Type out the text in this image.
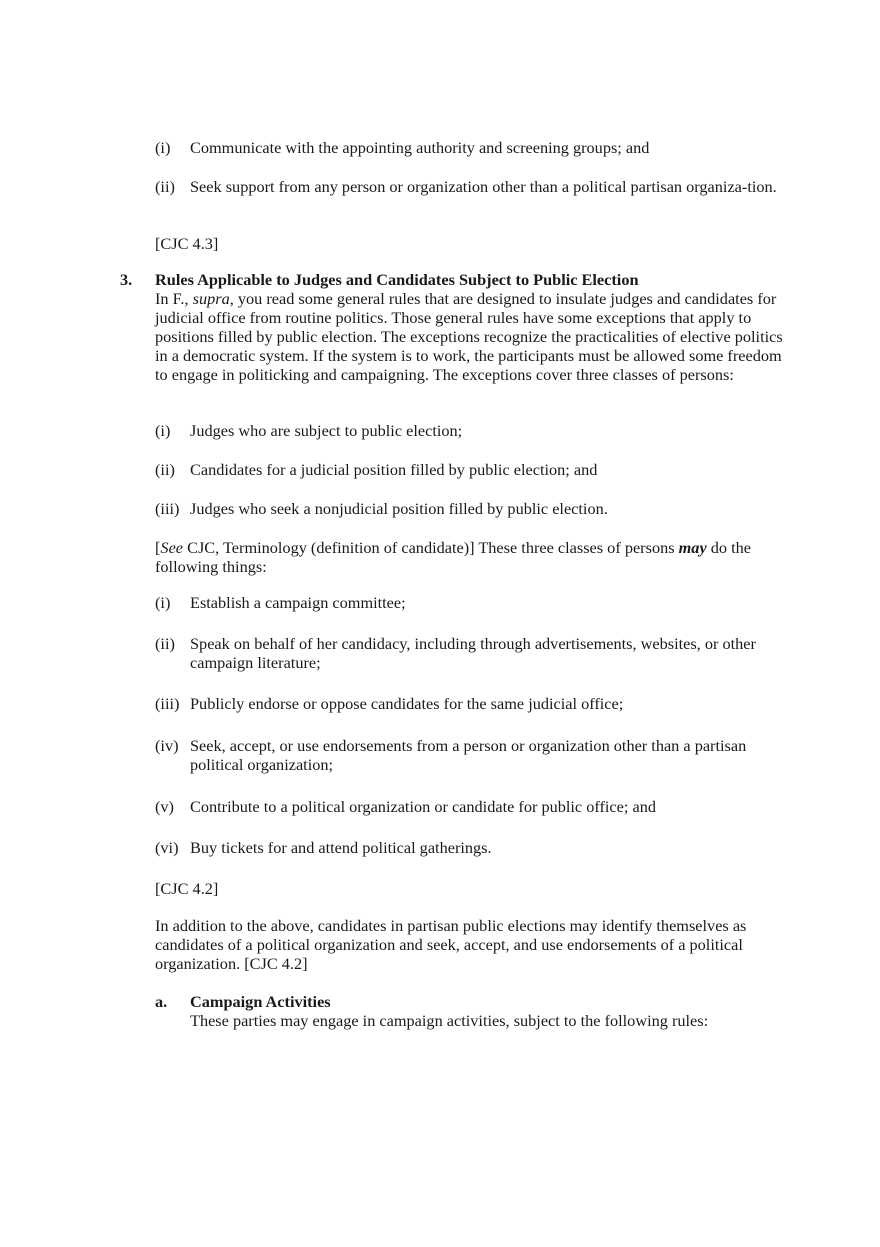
(i) Communicate with the appointing authority and screening groups; and
(ii) Seek support from any person or organization other than a political partisan organiza-tion.
[CJC 4.3]
3. Rules Applicable to Judges and Candidates Subject to Public Election
In F., supra, you read some general rules that are designed to insulate judges and candidates for judicial office from routine politics. Those general rules have some exceptions that apply to positions filled by public election. The exceptions recognize the practicalities of elective politics in a democratic system. If the system is to work, the participants must be allowed some freedom to engage in politicking and campaigning. The exceptions cover three classes of persons:
(i) Judges who are subject to public election;
(ii) Candidates for a judicial position filled by public election; and
(iii) Judges who seek a nonjudicial position filled by public election.
[See CJC, Terminology (definition of candidate)] These three classes of persons may do the following things:
(i) Establish a campaign committee;
(ii) Speak on behalf of her candidacy, including through advertisements, websites, or other campaign literature;
(iii) Publicly endorse or oppose candidates for the same judicial office;
(iv) Seek, accept, or use endorsements from a person or organization other than a partisan political organization;
(v) Contribute to a political organization or candidate for public office; and
(vi) Buy tickets for and attend political gatherings.
[CJC 4.2]
In addition to the above, candidates in partisan public elections may identify themselves as candidates of a political organization and seek, accept, and use endorsements of a political organization. [CJC 4.2]
a. Campaign Activities
These parties may engage in campaign activities, subject to the following rules:
